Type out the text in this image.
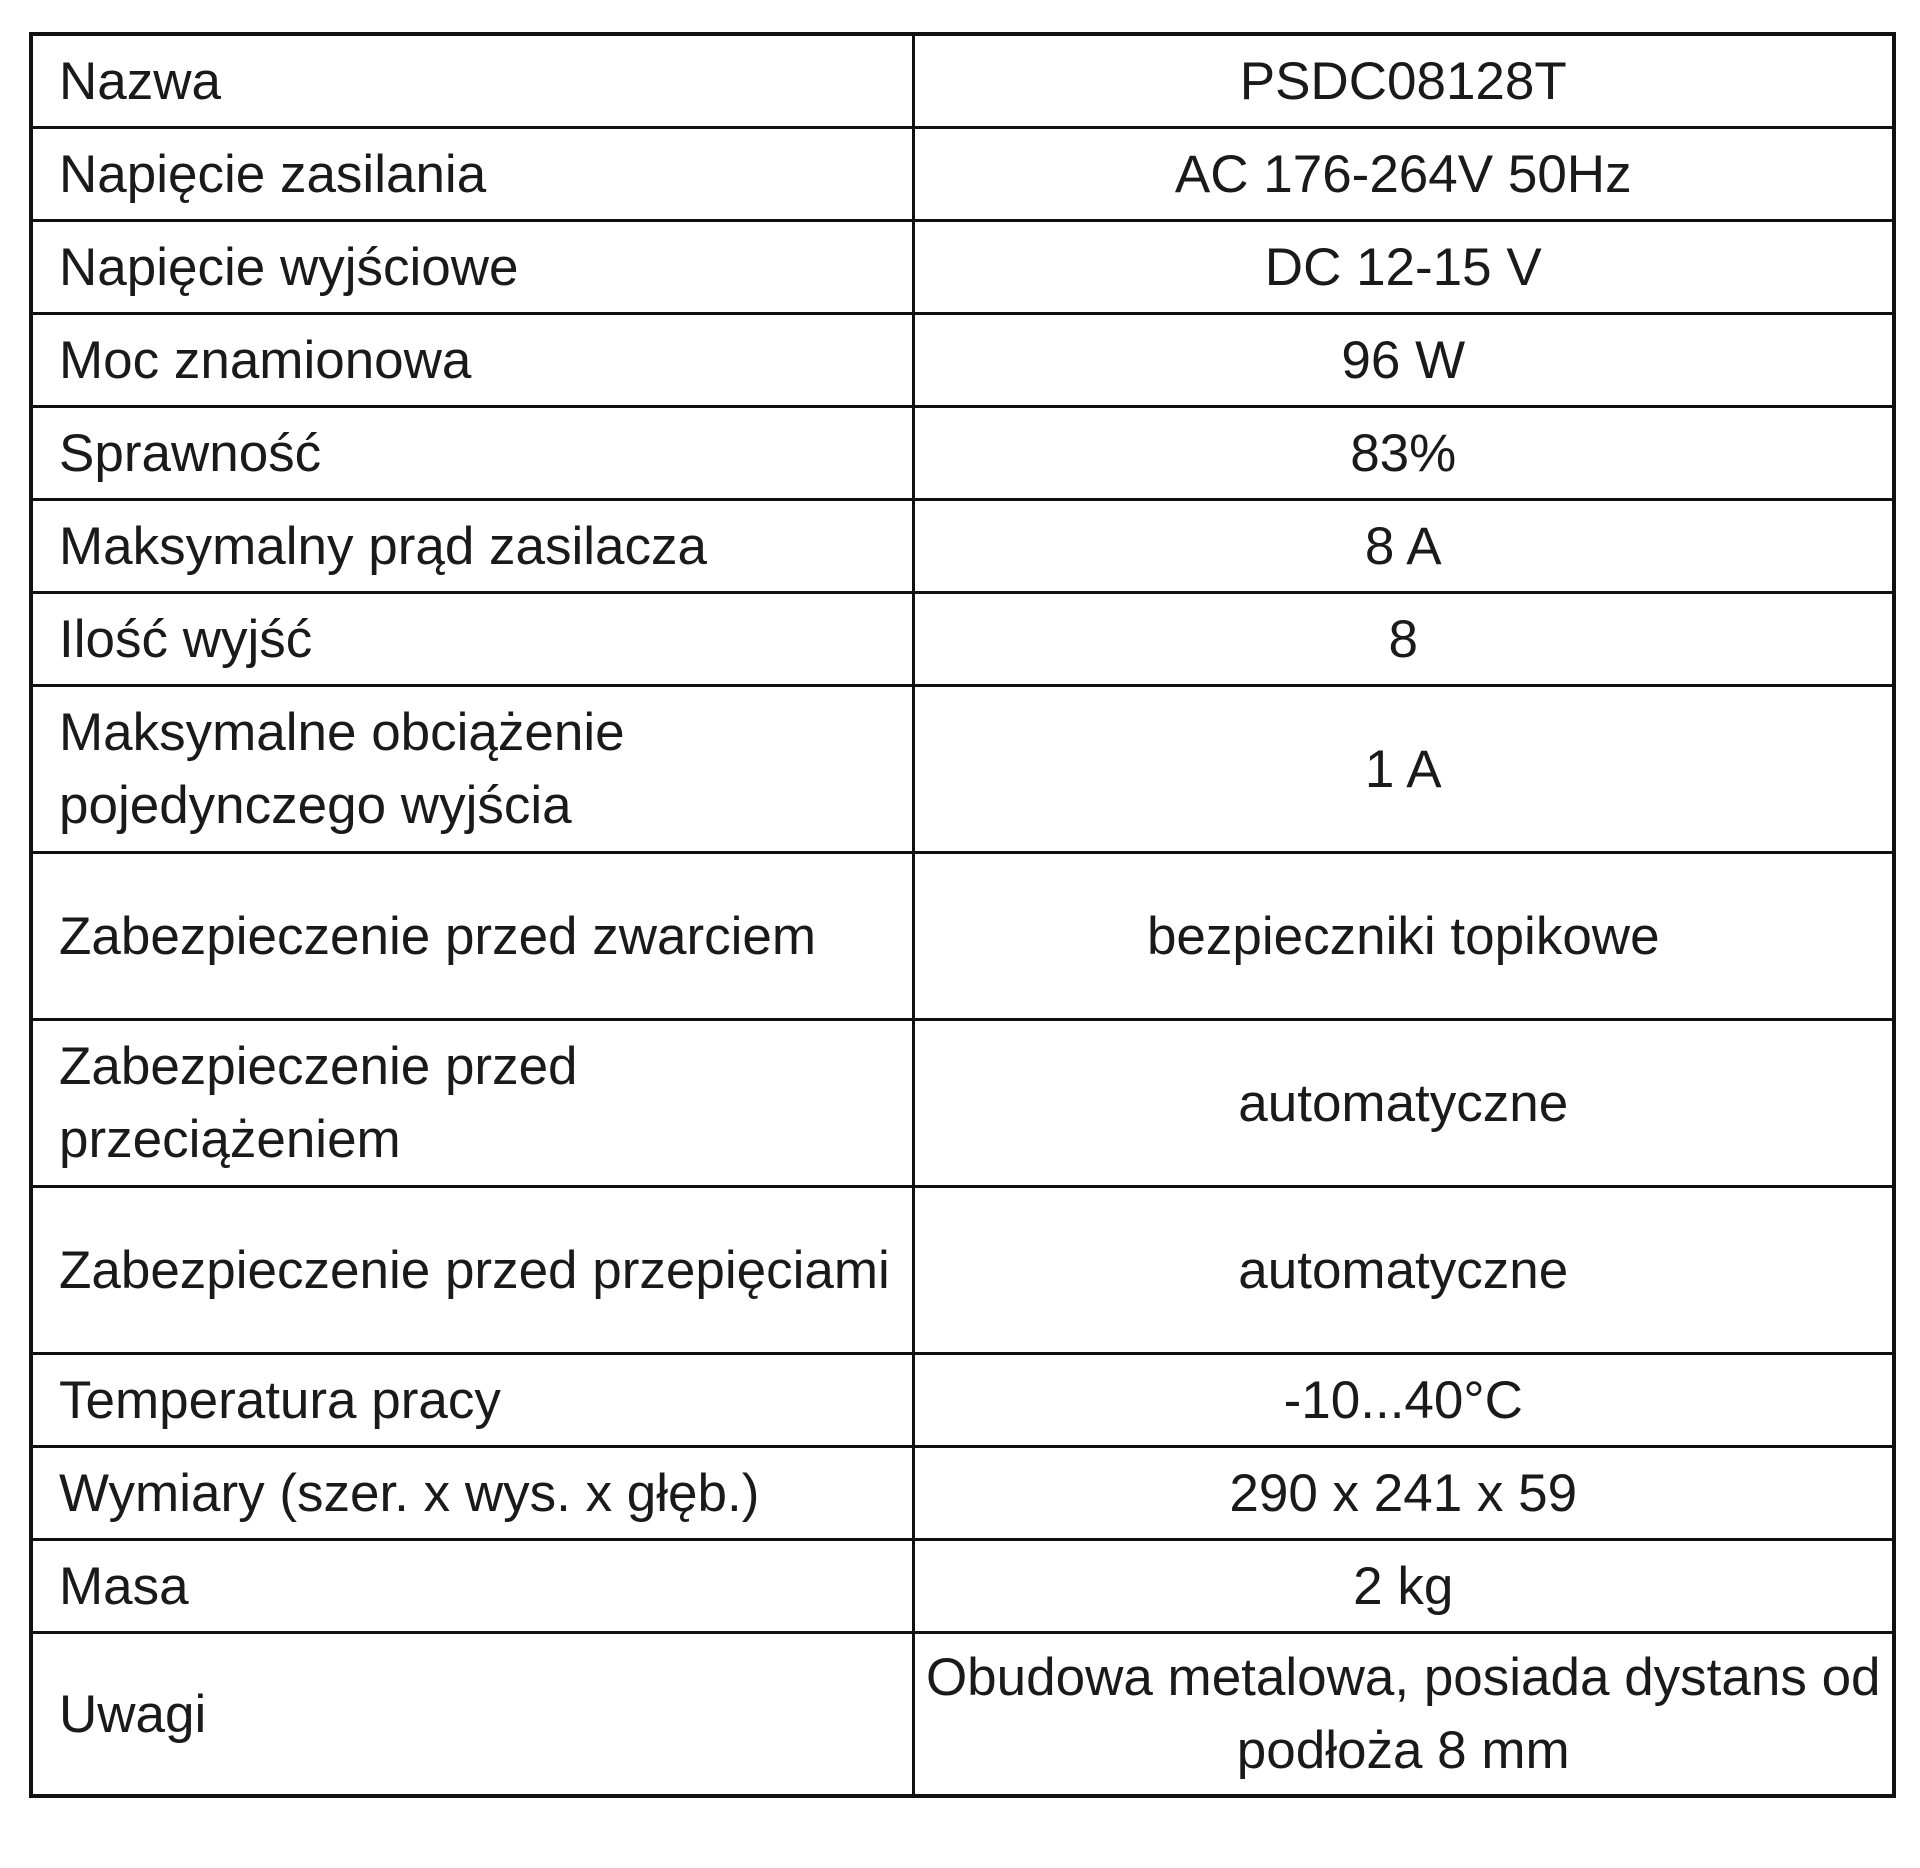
Nazwa	PSDC08128T
Napięcie zasilania	AC 176-264V 50Hz
Napięcie wyjściowe	DC 12-15 V
Moc znamionowa	96 W
Sprawność	83%
Maksymalny prąd zasilacza	8 A
Ilość wyjść	8
Maksymalne obciążenie pojedynczego wyjścia	1 A
Zabezpieczenie przed zwarciem	bezpieczniki topikowe
Zabezpieczenie przed przeciążeniem	automatyczne
Zabezpieczenie przed przepięciami	automatyczne
Temperatura pracy	-10...40°C
Wymiary (szer. x wys. x głęb.)	290 x 241 x 59
Masa	2 kg
Uwagi	Obudowa metalowa, posiada dystans od podłoża 8 mm
